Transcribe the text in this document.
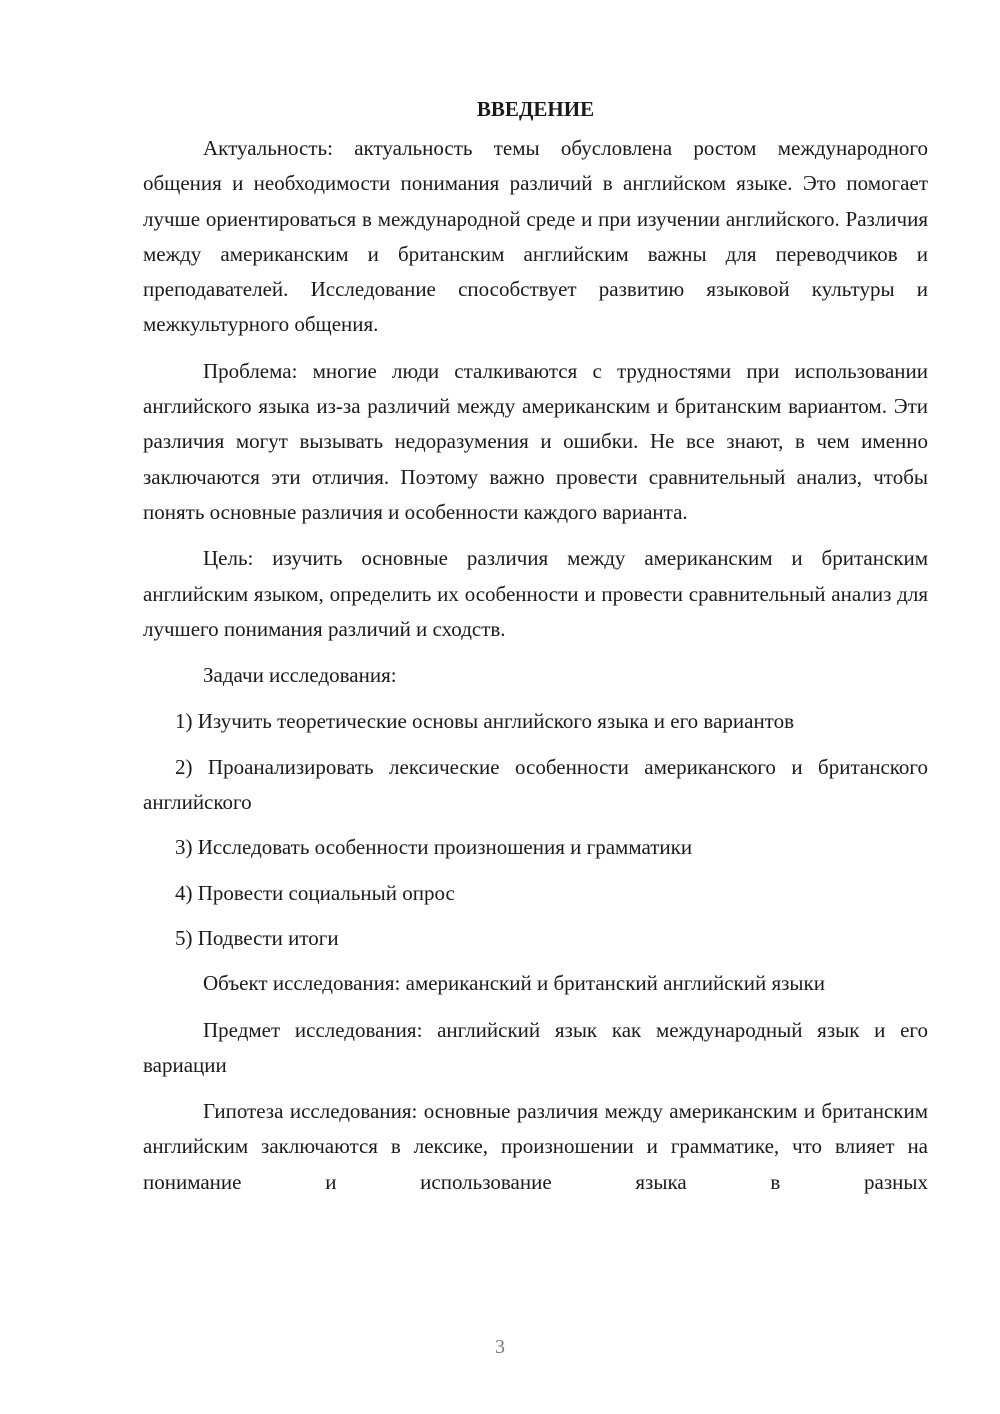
ВВЕДЕНИЕ

Актуальность: актуальность темы обусловлена ростом международного общения и необходимости понимания различий в английском языке. Это помогает лучше ориентироваться в международной среде и при изучении английского. Различия между американским и британским английским важны для переводчиков и преподавателей. Исследование способствует развитию языковой культуры и межкультурного общения.

Проблема: многие люди сталкиваются с трудностями при использовании английского языка из-за различий между американским и британским вариантом. Эти различия могут вызывать недоразумения и ошибки. Не все знают, в чем именно заключаются эти отличия. Поэтому важно провести сравнительный анализ, чтобы понять основные различия и особенности каждого варианта.

Цель: изучить основные различия между американским и британским английским языком, определить их особенности и провести сравнительный анализ для лучшего понимания различий и сходств.

Задачи исследования:

1) Изучить теоретические основы английского языка и его вариантов

2) Проанализировать лексические особенности американского и британского английского

3) Исследовать особенности произношения и грамматики

4) Провести социальный опрос

5) Подвести итоги

Объект исследования: американский и британский английский языки

Предмет исследования: английский язык как международный язык и его вариации

Гипотеза исследования: основные различия между американским и британским английским заключаются в лексике, произношении и грамматике, что влияет на понимание и использование языка в разных

3
